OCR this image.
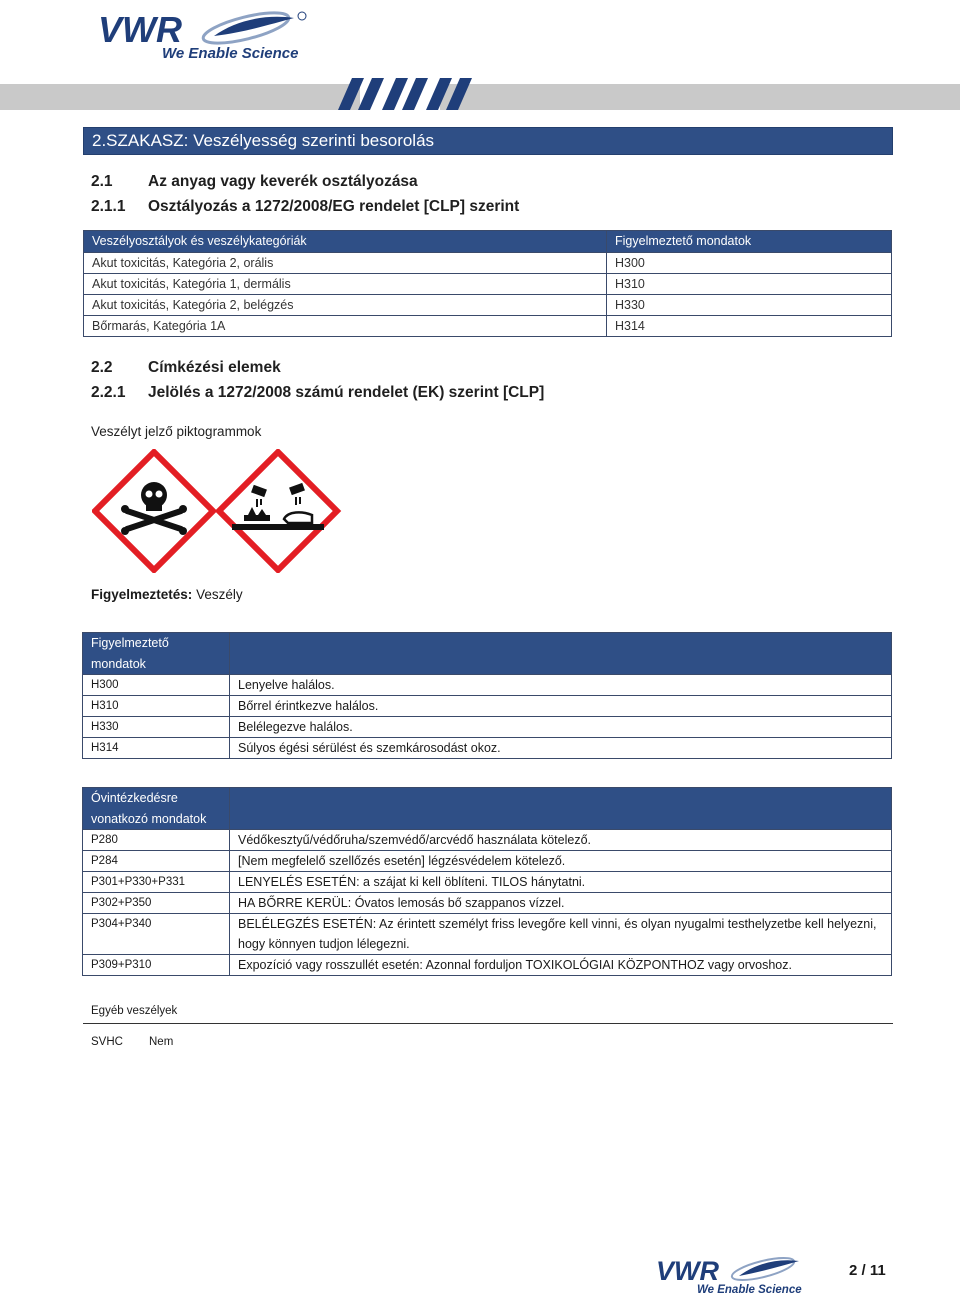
VWR
We Enable Science
2.SZAKASZ: Veszélyesség szerinti besorolás
2.1 Az anyag vagy keverék osztályozása
2.1.1 Osztályozás a 1272/2008/EG rendelet [CLP] szerint
Veszélyosztályok és veszélykategóriák	Figyelmeztető mondatok
Akut toxicitás, Kategória 2, orális	H300
Akut toxicitás, Kategória 1, dermális	H310
Akut toxicitás, Kategória 2, belégzés	H330
Bőrmarás, Kategória 1A	H314
2.2 Címkézési elemek
2.2.1 Jelölés a 1272/2008 számú rendelet (EK) szerint [CLP]
Veszélyt jelző piktogrammok
Figyelmeztetés: Veszély
Figyelmeztető mondatok	
H300	Lenyelve halálos.
H310	Bőrrel érintkezve halálos.
H330	Belélegezve halálos.
H314	Súlyos égési sérülést és szemkárosodást okoz.
Óvintézkedésre vonatkozó mondatok	
P280	Védőkesztyű/védőruha/szemvédő/arcvédő használata kötelező.
P284	[Nem megfelelő szellőzés esetén] légzésvédelem kötelező.
P301+P330+P331	LENYELÉS ESETÉN: a szájat ki kell öblíteni. TILOS hánytatni.
P302+P350	HA BŐRRE KERÜL: Óvatos lemosás bő szappanos vízzel.
P304+P340	BELÉLEGZÉS ESETÉN: Az érintett személyt friss levegőre kell vinni, és olyan nyugalmi testhelyzetbe kell helyezni, hogy könnyen tudjon lélegezni.
P309+P310	Expozíció vagy rosszullét esetén: Azonnal forduljon TOXIKOLÓGIAI KÖZPONTHOZ vagy orvoshoz.
Egyéb veszélyek
SVHC Nem
VWR
We Enable Science
2 / 11
